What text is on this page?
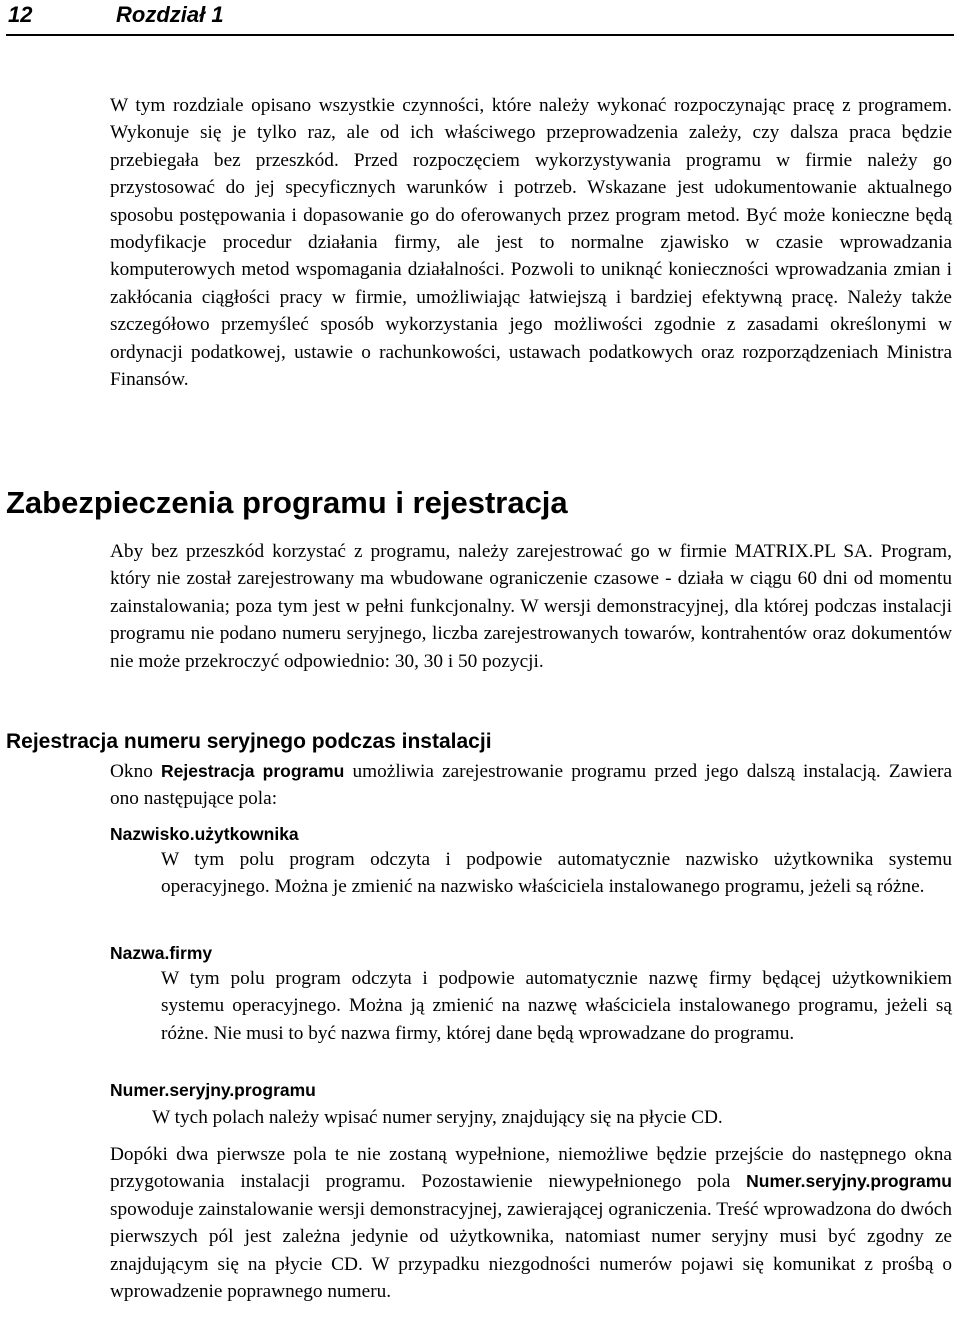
12	Rozdział 1

W tym rozdziale opisano wszystkie czynności, które należy wykonać rozpoczynając pracę z programem. Wykonuje się je tylko raz, ale od ich właściwego przeprowadzenia zależy, czy dalsza praca będzie przebiegała bez przeszkód. Przed rozpoczęciem wykorzystywania programu w firmie należy go przystosować do jej specyficznych warunków i potrzeb. Wskazane jest udokumentowanie aktualnego sposobu postępowania i dopasowanie go do oferowanych przez program metod. Być może konieczne będą modyfikacje procedur działania firmy, ale jest to normalne zjawisko w czasie wprowadzania komputerowych metod wspomagania działalności. Pozwoli to uniknąć konieczności wprowadzania zmian i zakłócania ciągłości pracy w firmie, umożliwiając łatwiejszą i bardziej efektywną pracę. Należy także szczegółowo przemyśleć sposób wykorzystania jego możliwości zgodnie z zasadami określonymi w ordynacji podatkowej, ustawie o rachunkowości, ustawach podatkowych oraz rozporządzeniach Ministra Finansów.

Zabezpieczenia programu i rejestracja

Aby bez przeszkód korzystać z programu, należy zarejestrować go w firmie MATRIX.PL SA. Program, który nie został zarejestrowany ma wbudowane ograniczenie czasowe - działa w ciągu 60 dni od momentu zainstalowania; poza tym jest w pełni funkcjonalny. W wersji demonstracyjnej, dla której podczas instalacji programu nie podano numeru seryjnego, liczba zarejestrowanych towarów, kontrahentów oraz dokumentów nie może przekroczyć odpowiednio: 30, 30 i 50 pozycji.

Rejestracja numeru seryjnego podczas instalacji

Okno Rejestracja programu umożliwia zarejestrowanie programu przed jego dalszą instalacją. Zawiera ono następujące pola:

Nazwisko.użytkownika

W tym polu program odczyta i podpowie automatycznie nazwisko użytkownika systemu operacyjnego. Można je zmienić na nazwisko właściciela instalowanego programu, jeżeli są różne.

Nazwa.firmy

W tym polu program odczyta i podpowie automatycznie nazwę firmy będącej użytkownikiem systemu operacyjnego. Można ją zmienić na nazwę właściciela instalowanego programu, jeżeli są różne. Nie musi to być nazwa firmy, której dane będą wprowadzane do programu.

Numer.seryjny.programu

W tych polach należy wpisać numer seryjny, znajdujący się na płycie CD.

Dopóki dwa pierwsze pola te nie zostaną wypełnione, niemożliwe będzie przejście do następnego okna przygotowania instalacji programu. Pozostawienie niewypełnionego pola Numer.seryjny.programu spowoduje zainstalowanie wersji demonstracyjnej, zawierającej ograniczenia. Treść wprowadzona do dwóch pierwszych pól jest zależna jedynie od użytkownika, natomiast numer seryjny musi być zgodny ze znajdującym się na płycie CD. W przypadku niezgodności numerów pojawi się komunikat z prośbą o wprowadzenie poprawnego numeru.
